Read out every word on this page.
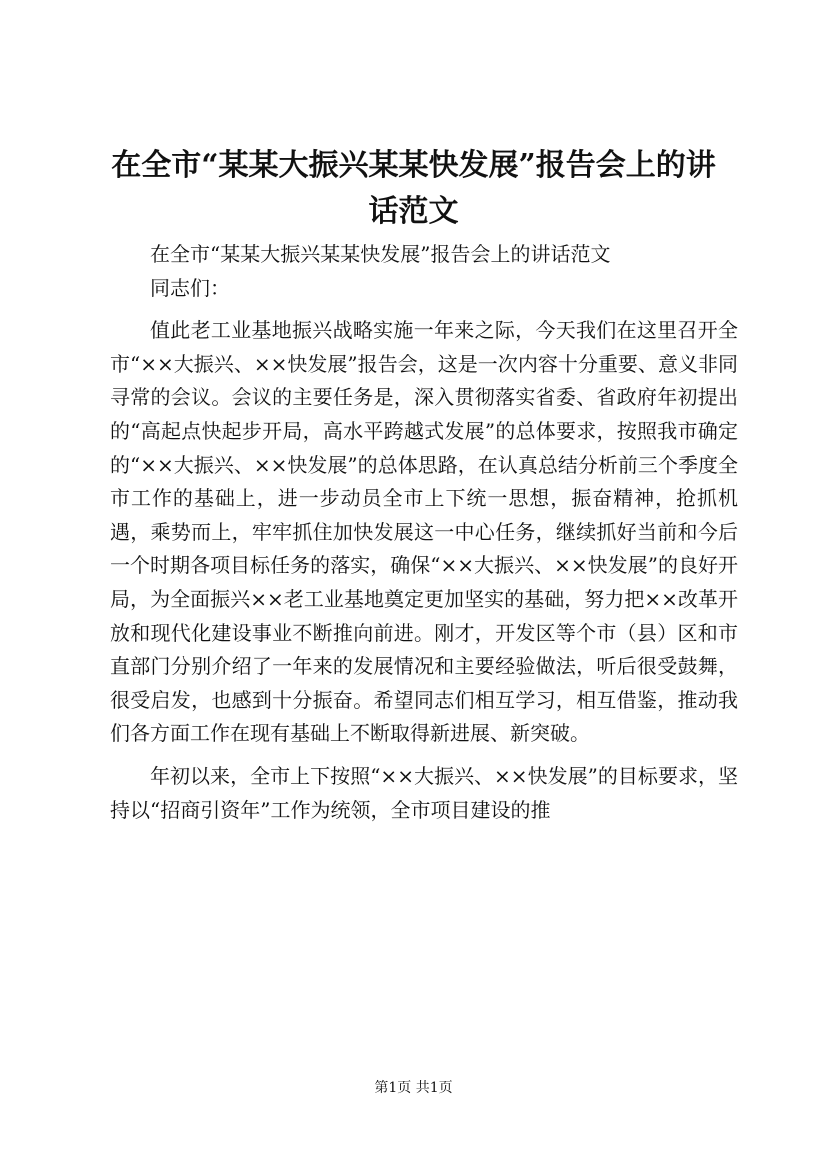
在全市“某某大振兴某某快发展”报告会上的讲话范文

在全市“某某大振兴某某快发展”报告会上的讲话范文

同志们：

值此老工业基地振兴战略实施一年来之际，今天我们在这里召开全市“××大振兴、××快发展”报告会，这是一次内容十分重要、意义非同寻常的会议。会议的主要任务是，深入贯彻落实省委、省政府年初提出的“高起点快起步开局，高水平跨越式发展”的总体要求，按照我市确定的“××大振兴、××快发展”的总体思路，在认真总结分析前三个季度全市工作的基础上，进一步动员全市上下统一思想，振奋精神，抢抓机遇，乘势而上，牢牢抓住加快发展这一中心任务，继续抓好当前和今后一个时期各项目标任务的落实，确保“××大振兴、××快发展”的良好开局，为全面振兴××老工业基地奠定更加坚实的基础，努力把××改革开放和现代化建设事业不断推向前进。刚才，开发区等个市（县）区和市直部门分别介绍了一年来的发展情况和主要经验做法，听后很受鼓舞，很受启发，也感到十分振奋。希望同志们相互学习，相互借鉴，推动我们各方面工作在现有基础上不断取得新进展、新突破。

年初以来，全市上下按照“××大振兴、××快发展”的目标要求，坚持以“招商引资年”工作为统领，全市项目建设的推

第1页 共1页
